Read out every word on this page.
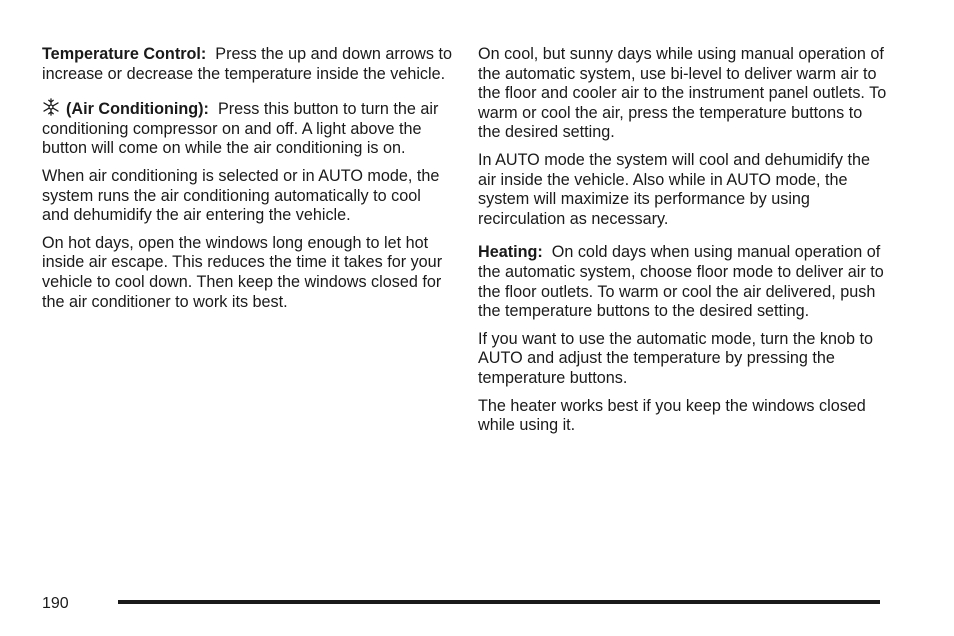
Temperature Control: Press the up and down arrows to increase or decrease the temperature inside the vehicle.

(Air Conditioning): Press this button to turn the air conditioning compressor on and off. A light above the button will come on while the air conditioning is on.

When air conditioning is selected or in AUTO mode, the system runs the air conditioning automatically to cool and dehumidify the air entering the vehicle.

On hot days, open the windows long enough to let hot inside air escape. This reduces the time it takes for your vehicle to cool down. Then keep the windows closed for the air conditioner to work its best.

On cool, but sunny days while using manual operation of the automatic system, use bi-level to deliver warm air to the floor and cooler air to the instrument panel outlets. To warm or cool the air, press the temperature buttons to the desired setting.

In AUTO mode the system will cool and dehumidify the air inside the vehicle. Also while in AUTO mode, the system will maximize its performance by using recirculation as necessary.

Heating: On cold days when using manual operation of the automatic system, choose floor mode to deliver air to the floor outlets. To warm or cool the air delivered, push the temperature buttons to the desired setting.

If you want to use the automatic mode, turn the knob to AUTO and adjust the temperature by pressing the temperature buttons.

The heater works best if you keep the windows closed while using it.

190
